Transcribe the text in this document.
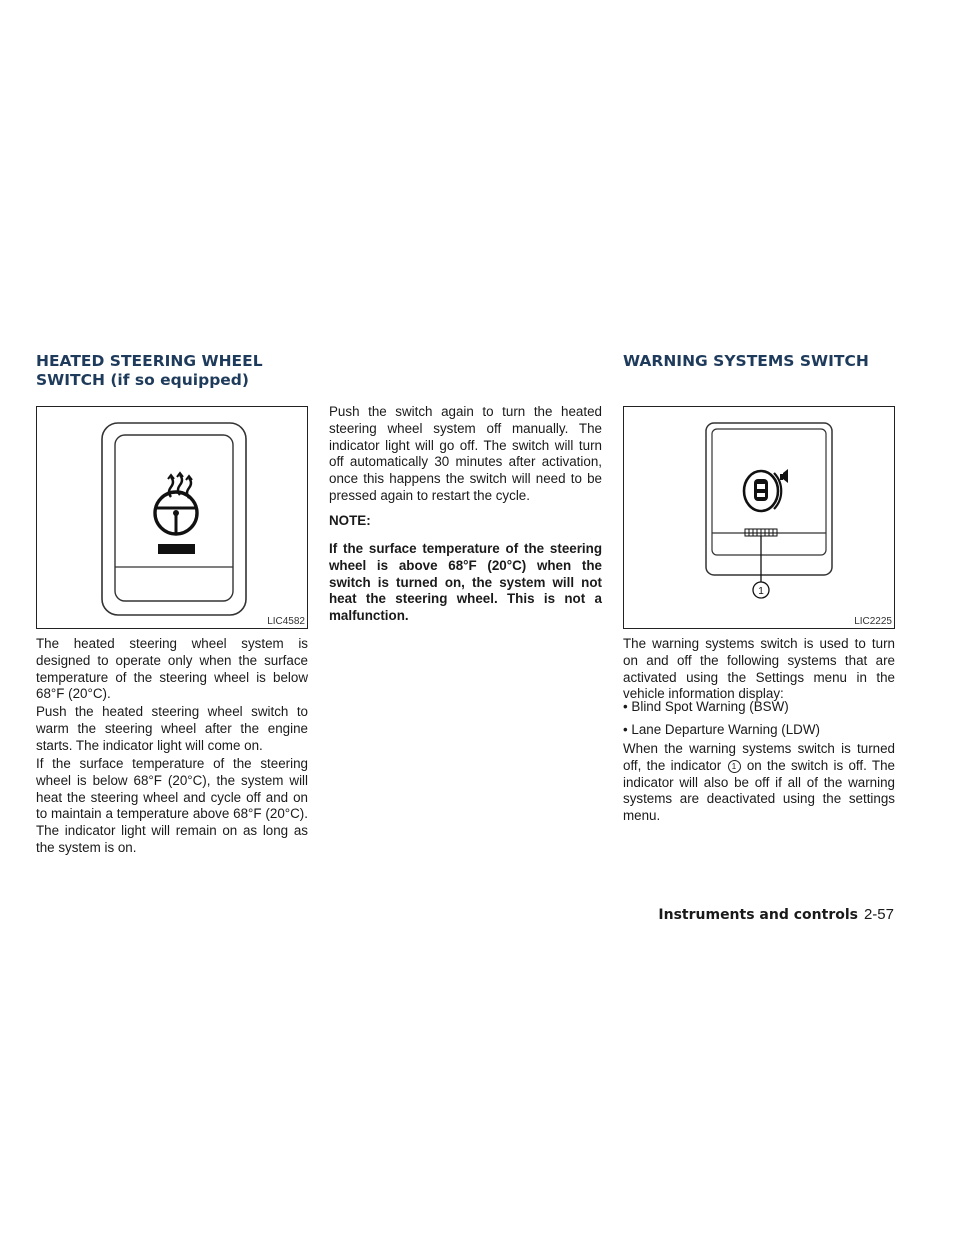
HEATED STEERING WHEEL SWITCH (if so equipped)
LIC4582

The heated steering wheel system is designed to operate only when the surface temperature of the steering wheel is below 68°F (20°C).

Push the heated steering wheel switch to warm the steering wheel after the engine starts. The indicator light will come on.

If the surface temperature of the steering wheel is below 68°F (20°C), the system will heat the steering wheel and cycle off and on to maintain a temperature above 68°F (20°C). The indicator light will remain on as long as the system is on.

Push the switch again to turn the heated steering wheel system off manually. The indicator light will go off. The switch will turn off automatically 30 minutes after activation, once this happens the switch will need to be pressed again to restart the cycle.

NOTE:

If the surface temperature of the steering wheel is above 68°F (20°C) when the switch is turned on, the system will not heat the steering wheel. This is not a malfunction.

WARNING SYSTEMS SWITCH
1
LIC2225

The warning systems switch is used to turn on and off the following systems that are activated using the Settings menu in the vehicle information display:

• Blind Spot Warning (BSW)
• Lane Departure Warning (LDW)

When the warning systems switch is turned off, the indicator 1 on the switch is off. The indicator will also be off if all of the warning systems are deactivated using the settings menu.

Instruments and controls 2-57
